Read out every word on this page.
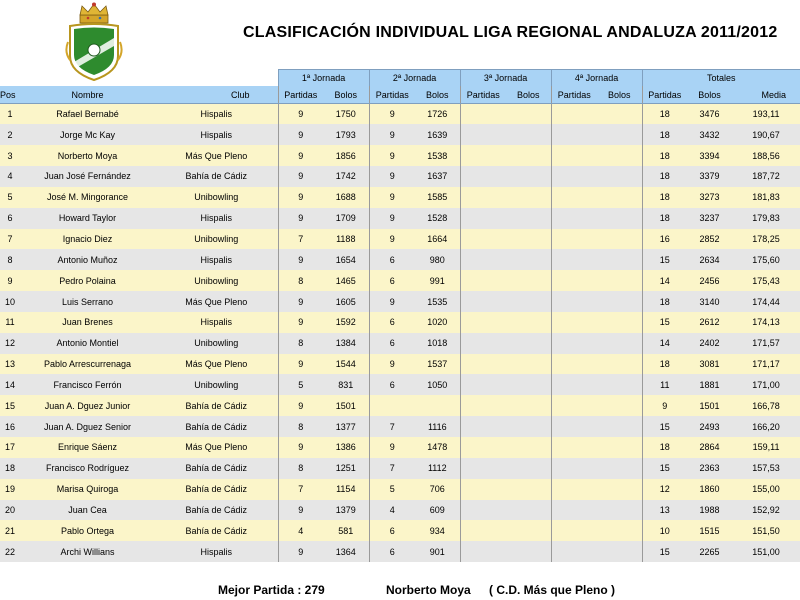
CLASIFICACIÓN INDIVIDUAL LIGA REGIONAL ANDALUZA 2011/2012
			1ª Jornada		2ª Jornada		3ª Jornada		4ª Jornada		Totales		
Pos	Nombre	Club	Partidas	Bolos	Partidas	Bolos	Partidas	Bolos	Partidas	Bolos	Partidas	Bolos	Media
1	Rafael Bernabé	Hispalis	9	1750	9	1726					18	3476	193,11
2	Jorge Mc Kay	Hispalis	9	1793	9	1639					18	3432	190,67
3	Norberto Moya	Más Que Pleno	9	1856	9	1538					18	3394	188,56
4	Juan José Fernández	Bahía de Cádiz	9	1742	9	1637					18	3379	187,72
5	José M. Mingorance	Unibowling	9	1688	9	1585					18	3273	181,83
6	Howard Taylor	Hispalis	9	1709	9	1528					18	3237	179,83
7	Ignacio Diez	Unibowling	7	1188	9	1664					16	2852	178,25
8	Antonio Muñoz	Hispalis	9	1654	6	980					15	2634	175,60
9	Pedro Polaina	Unibowling	8	1465	6	991					14	2456	175,43
10	Luis Serrano	Más Que Pleno	9	1605	9	1535					18	3140	174,44
11	Juan Brenes	Hispalis	9	1592	6	1020					15	2612	174,13
12	Antonio Montiel	Unibowling	8	1384	6	1018					14	2402	171,57
13	Pablo Arrescurrenaga	Más Que Pleno	9	1544	9	1537					18	3081	171,17
14	Francisco Ferrón	Unibowling	5	831	6	1050					11	1881	171,00
15	Juan A. Dguez Junior	Bahía de Cádiz	9	1501							9	1501	166,78
16	Juan A. Dguez Senior	Bahía de Cádiz	8	1377	7	1116					15	2493	166,20
17	Enrique Sáenz	Más Que Pleno	9	1386	9	1478					18	2864	159,11
18	Francisco Rodríguez	Bahía de Cádiz	8	1251	7	1112					15	2363	157,53
19	Marisa Quiroga	Bahía de Cádiz	7	1154	5	706					12	1860	155,00
20	Juan Cea	Bahía de Cádiz	9	1379	4	609					13	1988	152,92
21	Pablo Ortega	Bahía de Cádiz	4	581	6	934					10	1515	151,50
22	Archi Willians	Hispalis	9	1364	6	901					15	2265	151,00
Mejor Partida : 279	Norberto Moya ( C.D. Más que Pleno )
